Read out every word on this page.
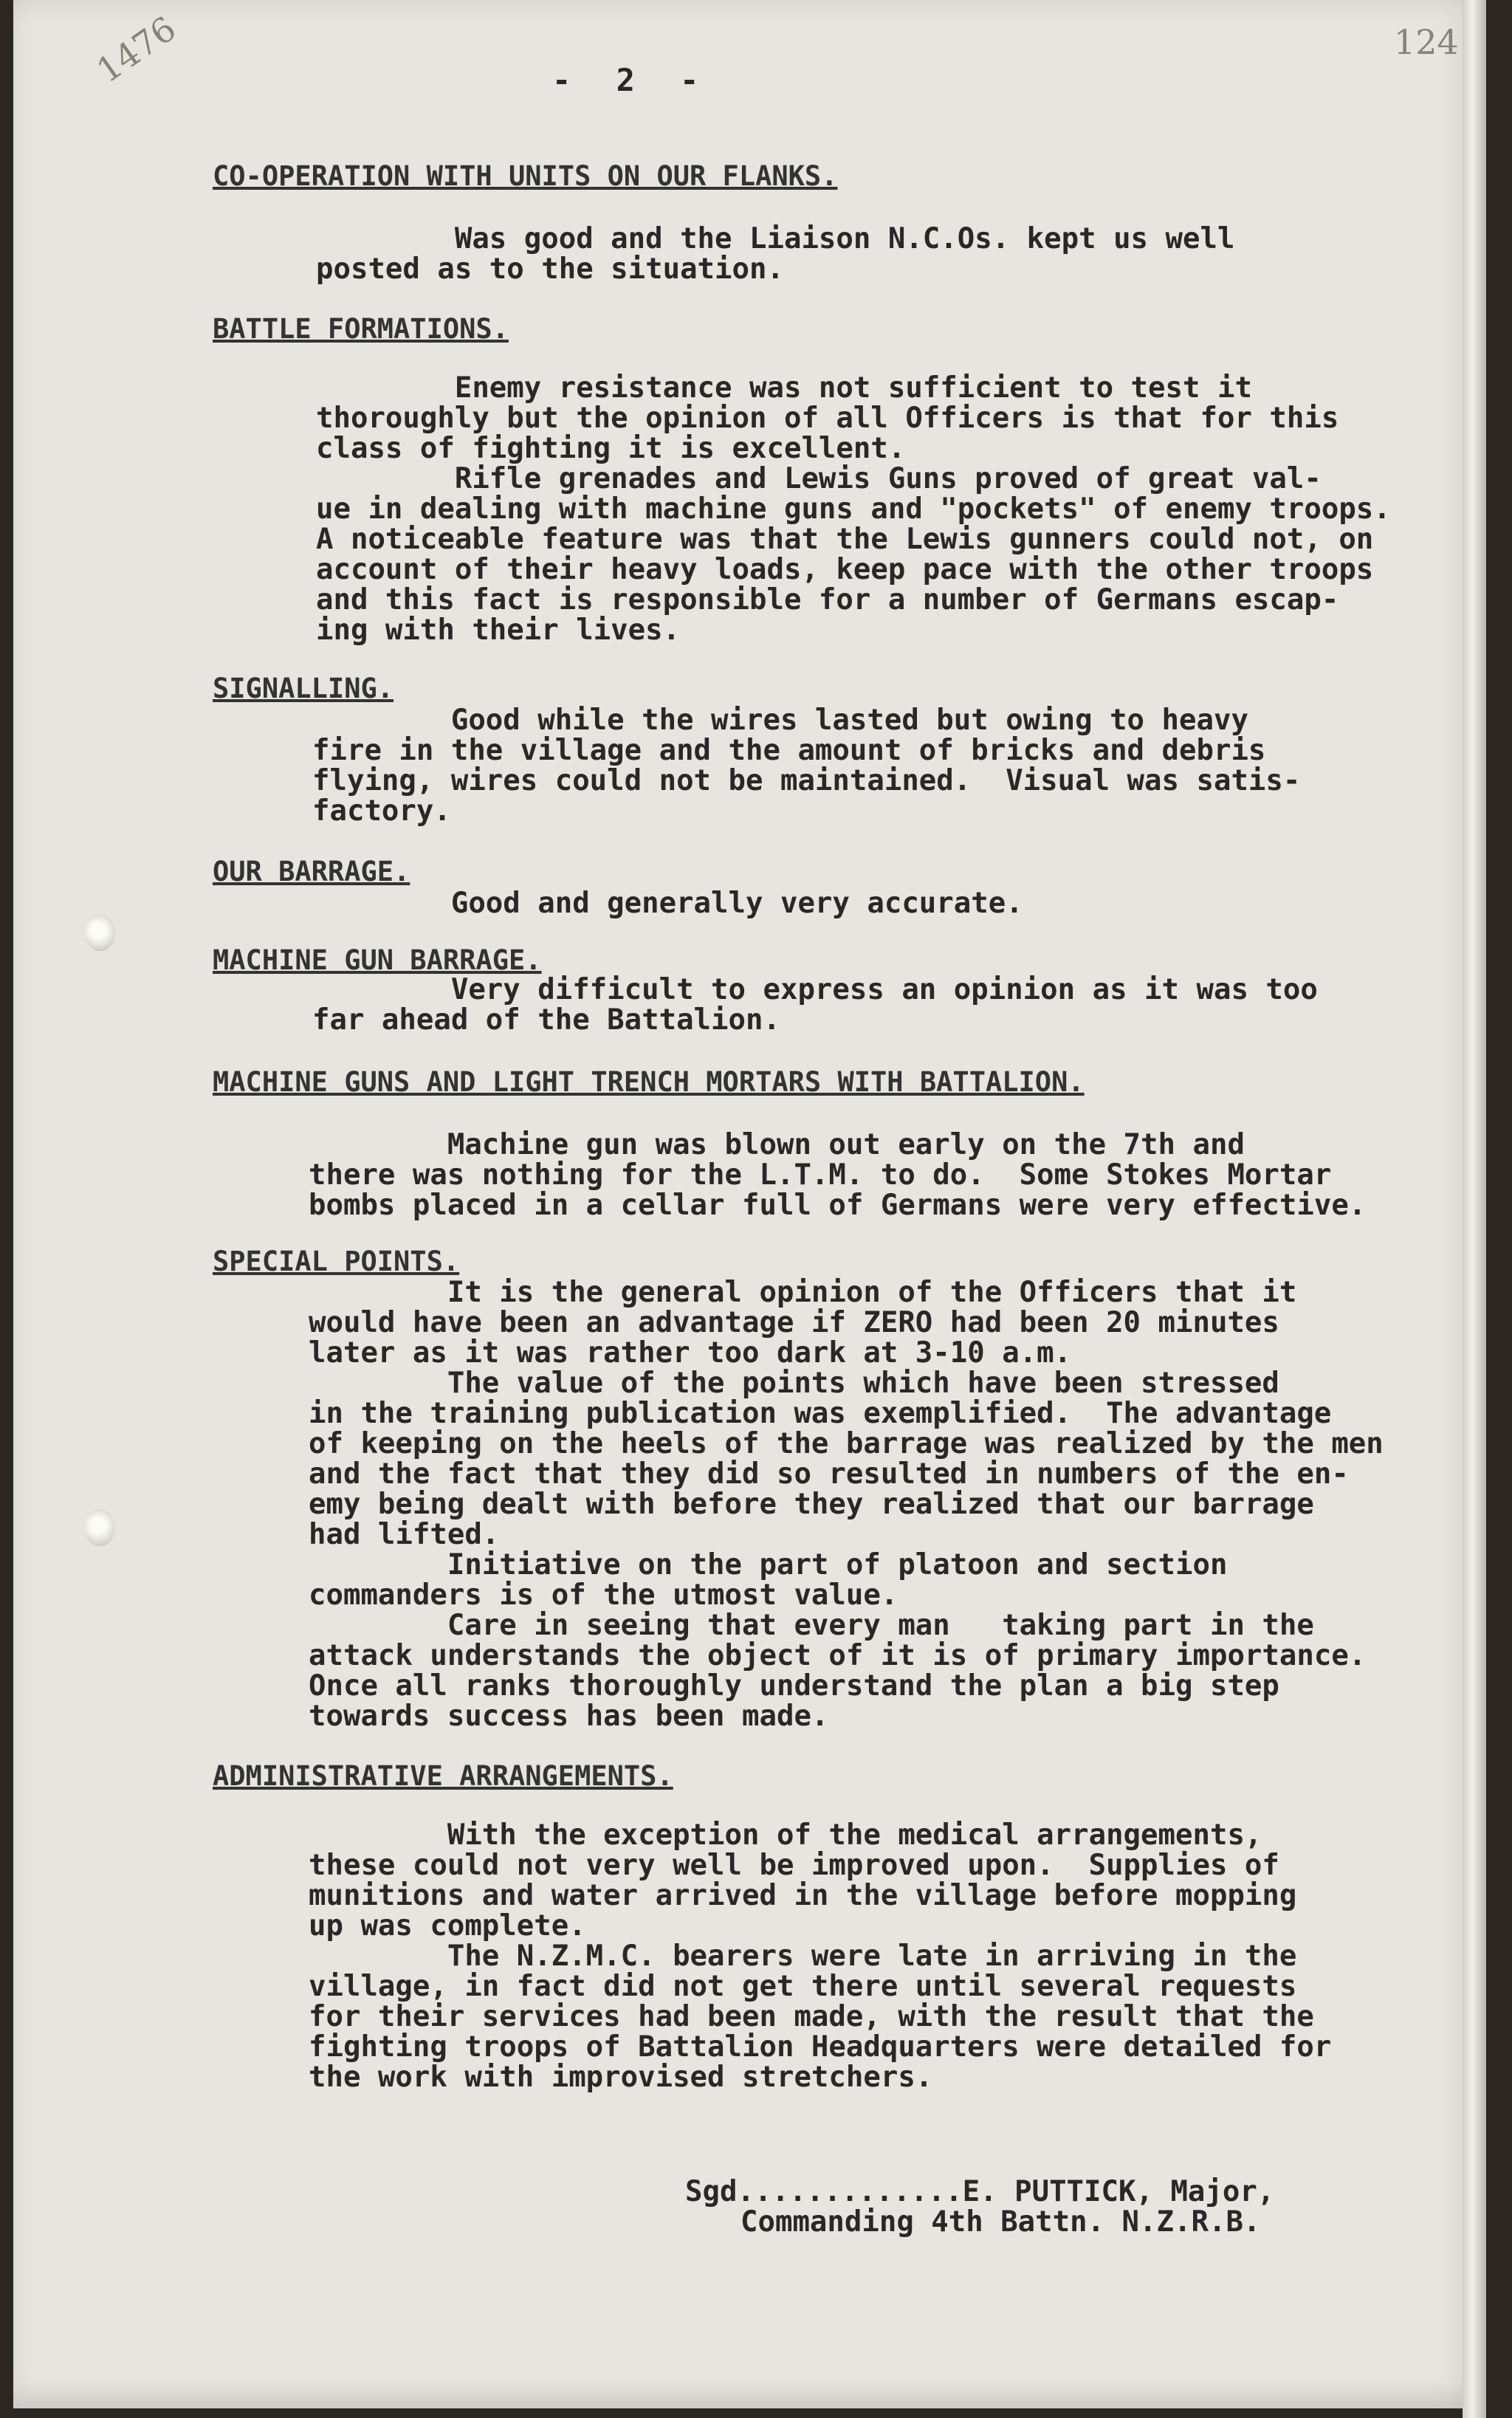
1476	124
- 2 -
CO-OPERATION WITH UNITS ON OUR FLANKS.
Was good and the Liaison N.C.Os. kept us well
posted as to the situation.
BATTLE FORMATIONS.
Enemy resistance was not sufficient to test it
thoroughly but the opinion of all Officers is that for this
class of fighting it is excellent.
Rifle grenades and Lewis Guns proved of great val-
ue in dealing with machine guns and "pockets" of enemy troops.
A noticeable feature was that the Lewis gunners could not, on
account of their heavy loads, keep pace with the other troops
and this fact is responsible for a number of Germans escap-
ing with their lives.
SIGNALLING.
Good while the wires lasted but owing to heavy
fire in the village and the amount of bricks and debris
flying, wires could not be maintained.  Visual was satis-
factory.
OUR BARRAGE.
Good and generally very accurate.
MACHINE GUN BARRAGE.
Very difficult to express an opinion as it was too
far ahead of the Battalion.
MACHINE GUNS AND LIGHT TRENCH MORTARS WITH BATTALION.
Machine gun was blown out early on the 7th and
there was nothing for the L.T.M. to do.  Some Stokes Mortar
bombs placed in a cellar full of Germans were very effective.
SPECIAL POINTS.
It is the general opinion of the Officers that it
would have been an advantage if ZERO had been 20 minutes
later as it was rather too dark at 3-10 a.m.
The value of the points which have been stressed
in the training publication was exemplified.  The advantage
of keeping on the heels of the barrage was realized by the men
and the fact that they did so resulted in numbers of the en-
emy being dealt with before they realized that our barrage
had lifted.
Initiative on the part of platoon and section
commanders is of the utmost value.
Care in seeing that every man   taking part in the
attack understands the object of it is of primary importance.
Once all ranks thoroughly understand the plan a big step
towards success has been made.
ADMINISTRATIVE ARRANGEMENTS.
With the exception of the medical arrangements,
these could not very well be improved upon.  Supplies of
munitions and water arrived in the village before mopping
up was complete.
The N.Z.M.C. bearers were late in arriving in the
village, in fact did not get there until several requests
for their services had been made, with the result that the
fighting troops of Battalion Headquarters were detailed for
the work with improvised stretchers.
Sgd.............E. PUTTICK, Major,
Commanding 4th Battn. N.Z.R.B.
